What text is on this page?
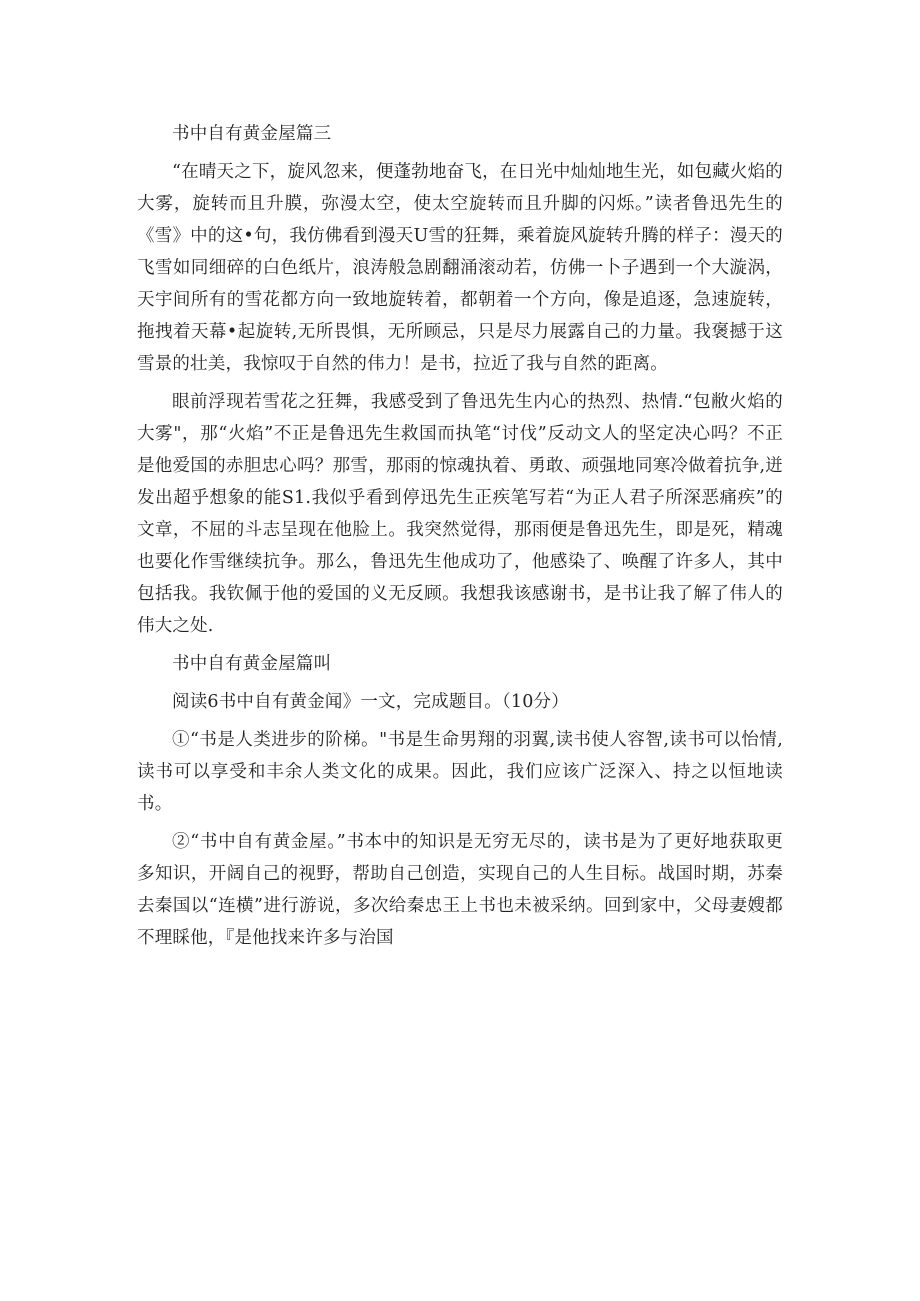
书中自有黄金屋篇三

“在晴天之下，旋风忽来，便蓬勃地奋飞，在日光中灿灿地生光，如包藏火焰的大雾，旋转而且升膜，弥漫太空，使太空旋转而且升脚的闪烁。”读者鲁迅先生的《雪》中的这•句，我仿佛看到漫天U雪的狂舞，乘着旋风旋转升腾的样子：漫天的飞雪如同细碎的白色纸片，浪涛般急剧翻涌滚动若，仿佛一卜子遇到一个大漩涡，天宇间所有的雪花都方向一致地旋转着，都朝着一个方向，像是追逐，急速旋转，拖拽着天幕•起旋转,无所畏惧，无所顾忌，只是尽力展露自己的力量。我褒撼于这雪景的壮美，我惊叹于自然的伟力！是书，拉近了我与自然的距离。

眼前浮现若雪花之狂舞，我感受到了鲁迅先生内心的热烈、热情.“包敝火焰的大雾"，那“火焰”不正是鲁迅先生救国而执笔“讨伐”反动文人的坚定决心吗？不正是他爱国的赤胆忠心吗？那雪，那雨的惊魂执着、勇敢、顽强地同寒冷做着抗争,迸发出超乎想象的能S1.我似乎看到停迅先生正疾笔写若“为正人君子所深恶痛疾”的文章，不屈的斗志呈现在他脸上。我突然觉得，那雨便是鲁迅先生，即是死，精魂也要化作雪继续抗争。那么，鲁迅先生他成功了，他感染了、唤醒了许多人，其中包括我。我钦佩于他的爱国的义无反顾。我想我该感谢书，是书让我了解了伟人的伟大之处.

书中自有黄金屋篇叫

阅读6书中自有黄金闻》一文，完成题目。（10分）

①“书是人类进步的阶梯。"书是生命男翔的羽翼,读书使人容智,读书可以怡情,读书可以享受和丰余人类文化的成果。因此，我们应该广泛深入、持之以恒地读书。

②“书中自有黄金屋。”书本中的知识是无穷无尽的，读书是为了更好地获取更多知识，开阔自己的视野，帮助自己创造，实现自己的人生目标。战国时期，苏秦去秦国以“连横”进行游说，多次给秦忠王上书也未被采纳。回到家中，父母妻嫂都不理睬他，『是他找来许多与治国
